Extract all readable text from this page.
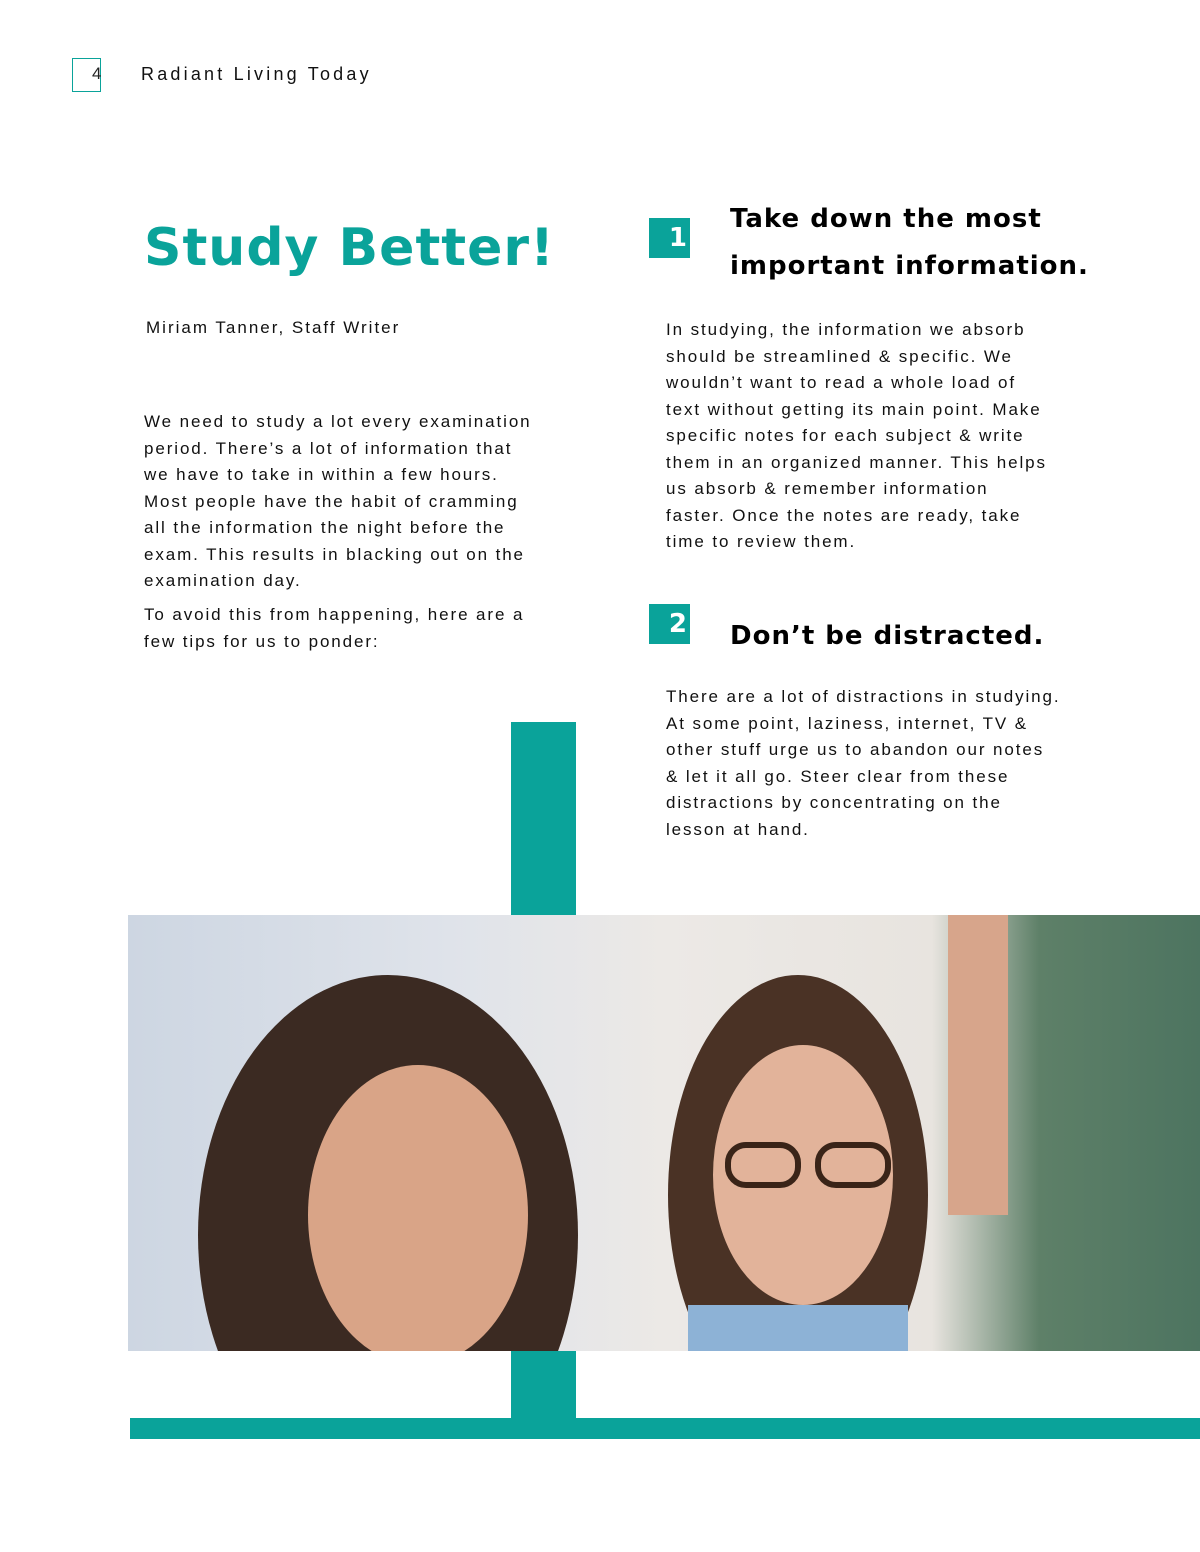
4 Radiant Living Today
Study Better!
Miriam Tanner, Staff Writer
We need to study a lot every examination
period. There’s a lot of information that
we have to take in within a few hours.
Most people have the habit of cramming
all the information the night before the
exam. This results in blacking out on the
examination day.
To avoid this from happening, here are a
few tips for us to ponder:
1
Take down the most
important information.
In studying, the information we absorb
should be streamlined & specific. We
wouldn’t want to read a whole load of
text without getting its main point. Make
specific notes for each subject & write
them in an organized manner. This helps
us absorb & remember information
faster. Once the notes are ready, take
time to review them.
2 Don’t be distracted.
There are a lot of distractions in studying.
At some point, laziness, internet, TV &
other stuff urge us to abandon our notes
& let it all go. Steer clear from these
distractions by concentrating on the
lesson at hand.
